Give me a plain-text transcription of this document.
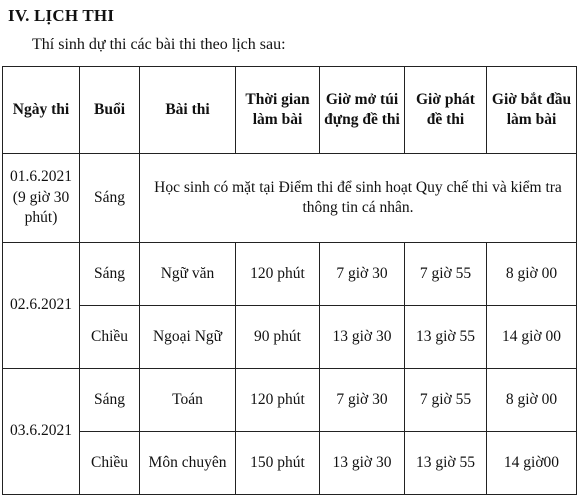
IV. LỊCH THI
Thí sinh dự thi các bài thi theo lịch sau:
Ngày thi	Buổi	Bài thi	Thời gian làm bài	Giờ mở túi đựng đề thi	Giờ phát đề thi	Giờ bắt đầu làm bài

01.6.2021
(9 giờ 30 phút)	Sáng	Học sinh có mặt tại Điểm thi để sinh hoạt Quy chế thi và kiểm tra thông tin cá nhân.				
02.6.2021	Sáng	Ngữ văn	120 phút	7 giờ 30	7 giờ 55	8 giờ 00
	Chiều	Ngoại Ngữ	90 phút	13 giờ 30	13 giờ 55	14 giờ 00
03.6.2021	Sáng	Toán	120 phút	7 giờ 30	7 giờ 55	8 giờ 00
	Chiều	Môn chuyên	150 phút	13 giờ 30	13 giờ 55	14 giờ00
